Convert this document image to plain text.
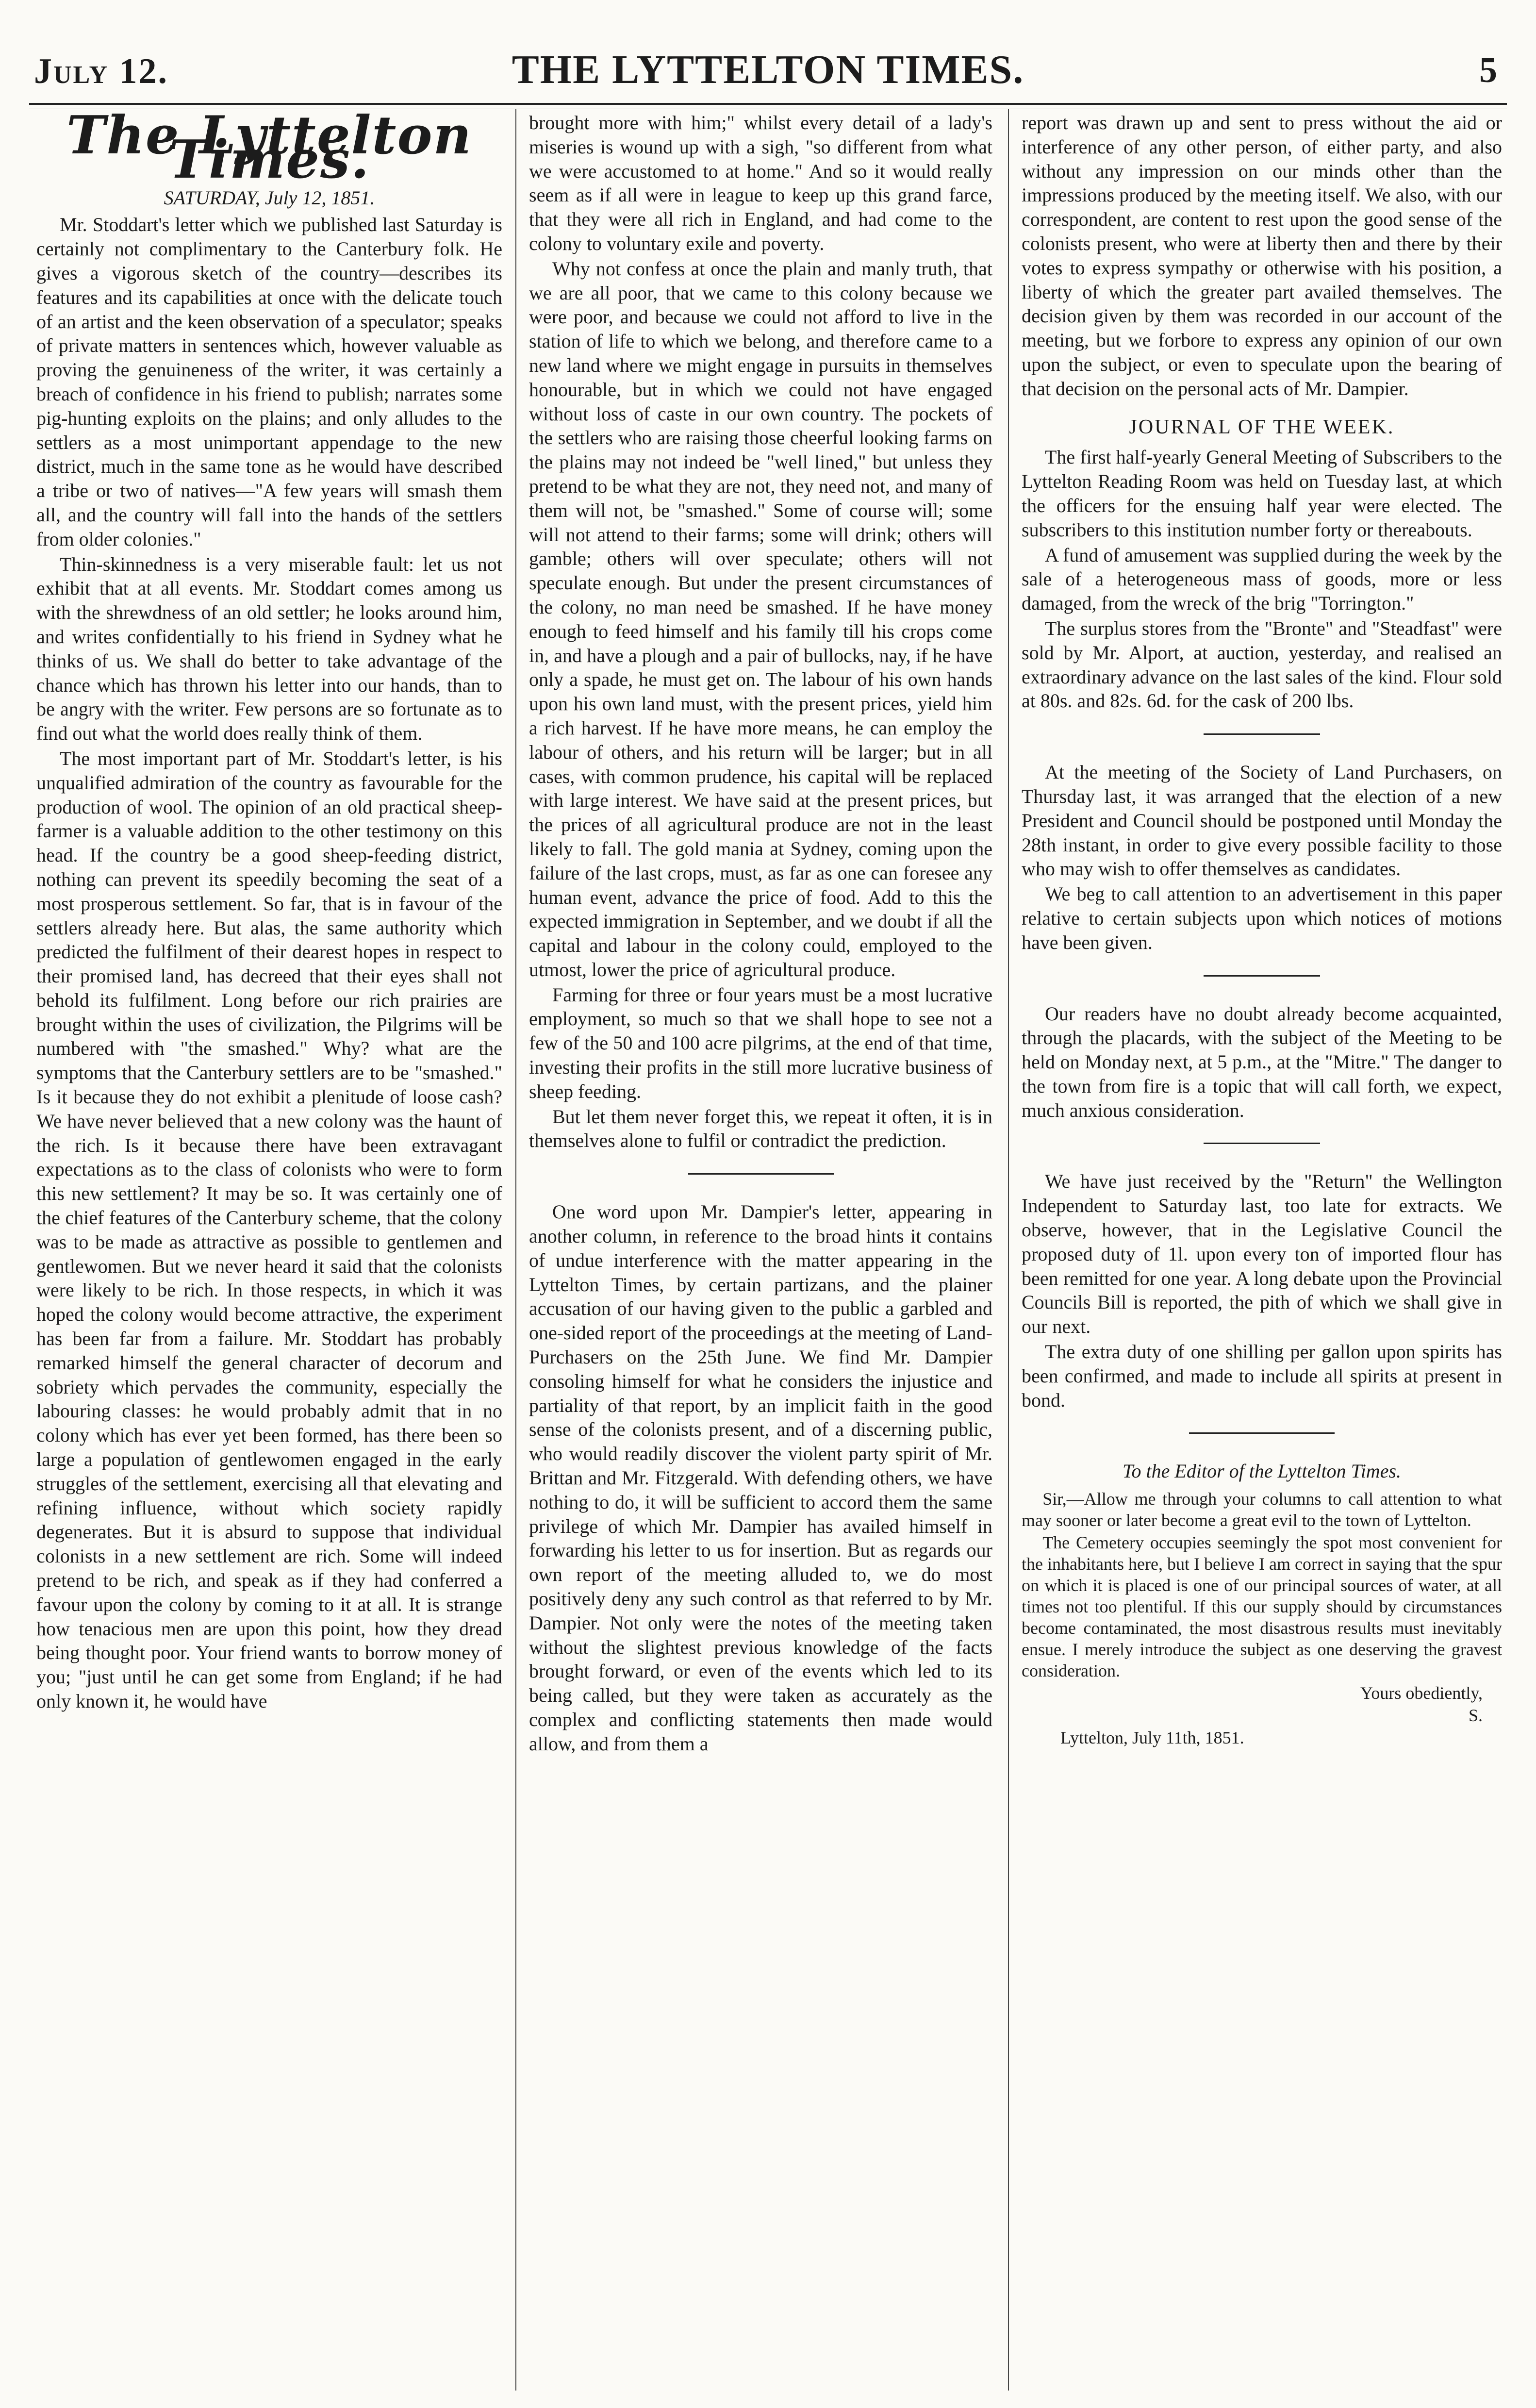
July 12.	THE LYTTELTON TIMES.	5
The Lyttelton Times.
SATURDAY, July 12, 1851.

Mr. Stoddart's letter which we published last Saturday is certainly not complimentary to the Canterbury folk. He gives a vigorous sketch of the country—describes its features and its capabilities at once with the delicate touch of an artist and the keen observation of a speculator; speaks of private matters in sentences which, however valuable as proving the genuineness of the writer, it was certainly a breach of confidence in his friend to publish; narrates some pig-hunting exploits on the plains; and only alludes to the settlers as a most unimportant appendage to the new district, much in the same tone as he would have described a tribe or two of natives—"A few years will smash them all, and the country will fall into the hands of the settlers from older colonies."

Thin-skinnedness is a very miserable fault: let us not exhibit that at all events. Mr. Stoddart comes among us with the shrewdness of an old settler; he looks around him, and writes confidentially to his friend in Sydney what he thinks of us. We shall do better to take advantage of the chance which has thrown his letter into our hands, than to be angry with the writer. Few persons are so fortunate as to find out what the world does really think of them.

The most important part of Mr. Stoddart's letter, is his unqualified admiration of the country as favourable for the production of wool. The opinion of an old practical sheep-farmer is a valuable addition to the other testimony on this head. If the country be a good sheep-feeding district, nothing can prevent its speedily becoming the seat of a most prosperous settlement. So far, that is in favour of the settlers already here. But alas, the same authority which predicted the fulfilment of their dearest hopes in respect to their promised land, has decreed that their eyes shall not behold its fulfilment. Long before our rich prairies are brought within the uses of civilization, the Pilgrims will be numbered with "the smashed." Why? what are the symptoms that the Canterbury settlers are to be "smashed." Is it because they do not exhibit a plenitude of loose cash? We have never believed that a new colony was the haunt of the rich. Is it because there have been extravagant expectations as to the class of colonists who were to form this new settlement? It may be so. It was certainly one of the chief features of the Canterbury scheme, that the colony was to be made as attractive as possible to gentlemen and gentlewomen. But we never heard it said that the colonists were likely to be rich. In those respects, in which it was hoped the colony would become attractive, the experiment has been far from a failure. Mr. Stoddart has probably remarked himself the general character of decorum and sobriety which pervades the community, especially the labouring classes: he would probably admit that in no colony which has ever yet been formed, has there been so large a population of gentlewomen engaged in the early struggles of the settlement, exercising all that elevating and refining influence, without which society rapidly degenerates. But it is absurd to suppose that individual colonists in a new settlement are rich. Some will indeed pretend to be rich, and speak as if they had conferred a favour upon the colony by coming to it at all. It is strange how tenacious men are upon this point, how they dread being thought poor. Your friend wants to borrow money of you; "just until he can get some from England; if he had only known it, he would have

brought more with him;" whilst every detail of a lady's miseries is wound up with a sigh, "so different from what we were accustomed to at home." And so it would really seem as if all were in league to keep up this grand farce, that they were all rich in England, and had come to the colony to voluntary exile and poverty.

Why not confess at once the plain and manly truth, that we are all poor, that we came to this colony because we were poor, and because we could not afford to live in the station of life to which we belong, and therefore came to a new land where we might engage in pursuits in themselves honourable, but in which we could not have engaged without loss of caste in our own country. The pockets of the settlers who are raising those cheerful looking farms on the plains may not indeed be "well lined," but unless they pretend to be what they are not, they need not, and many of them will not, be "smashed." Some of course will; some will not attend to their farms; some will drink; others will gamble; others will over speculate; others will not speculate enough. But under the present circumstances of the colony, no man need be smashed. If he have money enough to feed himself and his family till his crops come in, and have a plough and a pair of bullocks, nay, if he have only a spade, he must get on. The labour of his own hands upon his own land must, with the present prices, yield him a rich harvest. If he have more means, he can employ the labour of others, and his return will be larger; but in all cases, with common prudence, his capital will be replaced with large interest. We have said at the present prices, but the prices of all agricultural produce are not in the least likely to fall. The gold mania at Sydney, coming upon the failure of the last crops, must, as far as one can foresee any human event, advance the price of food. Add to this the expected immigration in September, and we doubt if all the capital and labour in the colony could, employed to the utmost, lower the price of agricultural produce.

Farming for three or four years must be a most lucrative employment, so much so that we shall hope to see not a few of the 50 and 100 acre pilgrims, at the end of that time, investing their profits in the still more lucrative business of sheep feeding.

But let them never forget this, we repeat it often, it is in themselves alone to fulfil or contradict the prediction.

One word upon Mr. Dampier's letter, appearing in another column, in reference to the broad hints it contains of undue interference with the matter appearing in the Lyttelton Times, by certain partizans, and the plainer accusation of our having given to the public a garbled and one-sided report of the proceedings at the meeting of Land-Purchasers on the 25th June. We find Mr. Dampier consoling himself for what he considers the injustice and partiality of that report, by an implicit faith in the good sense of the colonists present, and of a discerning public, who would readily discover the violent party spirit of Mr. Brittan and Mr. Fitzgerald. With defending others, we have nothing to do, it will be sufficient to accord them the same privilege of which Mr. Dampier has availed himself in forwarding his letter to us for insertion. But as regards our own report of the meeting alluded to, we do most positively deny any such control as that referred to by Mr. Dampier. Not only were the notes of the meeting taken without the slightest previous knowledge of the facts brought forward, or even of the events which led to its being called, but they were taken as accurately as the complex and conflicting statements then made would allow, and from them a

report was drawn up and sent to press without the aid or interference of any other person, of either party, and also without any impression on our minds other than the impressions produced by the meeting itself. We also, with our correspondent, are content to rest upon the good sense of the colonists present, who were at liberty then and there by their votes to express sympathy or otherwise with his position, a liberty of which the greater part availed themselves. The decision given by them was recorded in our account of the meeting, but we forbore to express any opinion of our own upon the subject, or even to speculate upon the bearing of that decision on the personal acts of Mr. Dampier.

JOURNAL OF THE WEEK.

The first half-yearly General Meeting of Subscribers to the Lyttelton Reading Room was held on Tuesday last, at which the officers for the ensuing half year were elected. The subscribers to this institution number forty or thereabouts.

A fund of amusement was supplied during the week by the sale of a heterogeneous mass of goods, more or less damaged, from the wreck of the brig "Torrington."

The surplus stores from the "Bronte" and "Steadfast" were sold by Mr. Alport, at auction, yesterday, and realised an extraordinary advance on the last sales of the kind. Flour sold at 80s. and 82s. 6d. for the cask of 200 lbs.

At the meeting of the Society of Land Purchasers, on Thursday last, it was arranged that the election of a new President and Council should be postponed until Monday the 28th instant, in order to give every possible facility to those who may wish to offer themselves as candidates.

We beg to call attention to an advertisement in this paper relative to certain subjects upon which notices of motions have been given.

Our readers have no doubt already become acquainted, through the placards, with the subject of the Meeting to be held on Monday next, at 5 p.m., at the "Mitre." The danger to the town from fire is a topic that will call forth, we expect, much anxious consideration.

We have just received by the "Return" the Wellington Independent to Saturday last, too late for extracts. We observe, however, that in the Legislative Council the proposed duty of 1l. upon every ton of imported flour has been remitted for one year. A long debate upon the Provincial Councils Bill is reported, the pith of which we shall give in our next.

The extra duty of one shilling per gallon upon spirits has been confirmed, and made to include all spirits at present in bond.

To the Editor of the Lyttelton Times.

Sir,—Allow me through your columns to call attention to what may sooner or later become a great evil to the town of Lyttelton.

The Cemetery occupies seemingly the spot most convenient for the inhabitants here, but I believe I am correct in saying that the spur on which it is placed is one of our principal sources of water, at all times not too plentiful. If this our supply should by circumstances become contaminated, the most disastrous results must inevitably ensue. I merely introduce the subject as one deserving the gravest consideration.

Yours obediently,

S.

Lyttelton, July 11th, 1851.
